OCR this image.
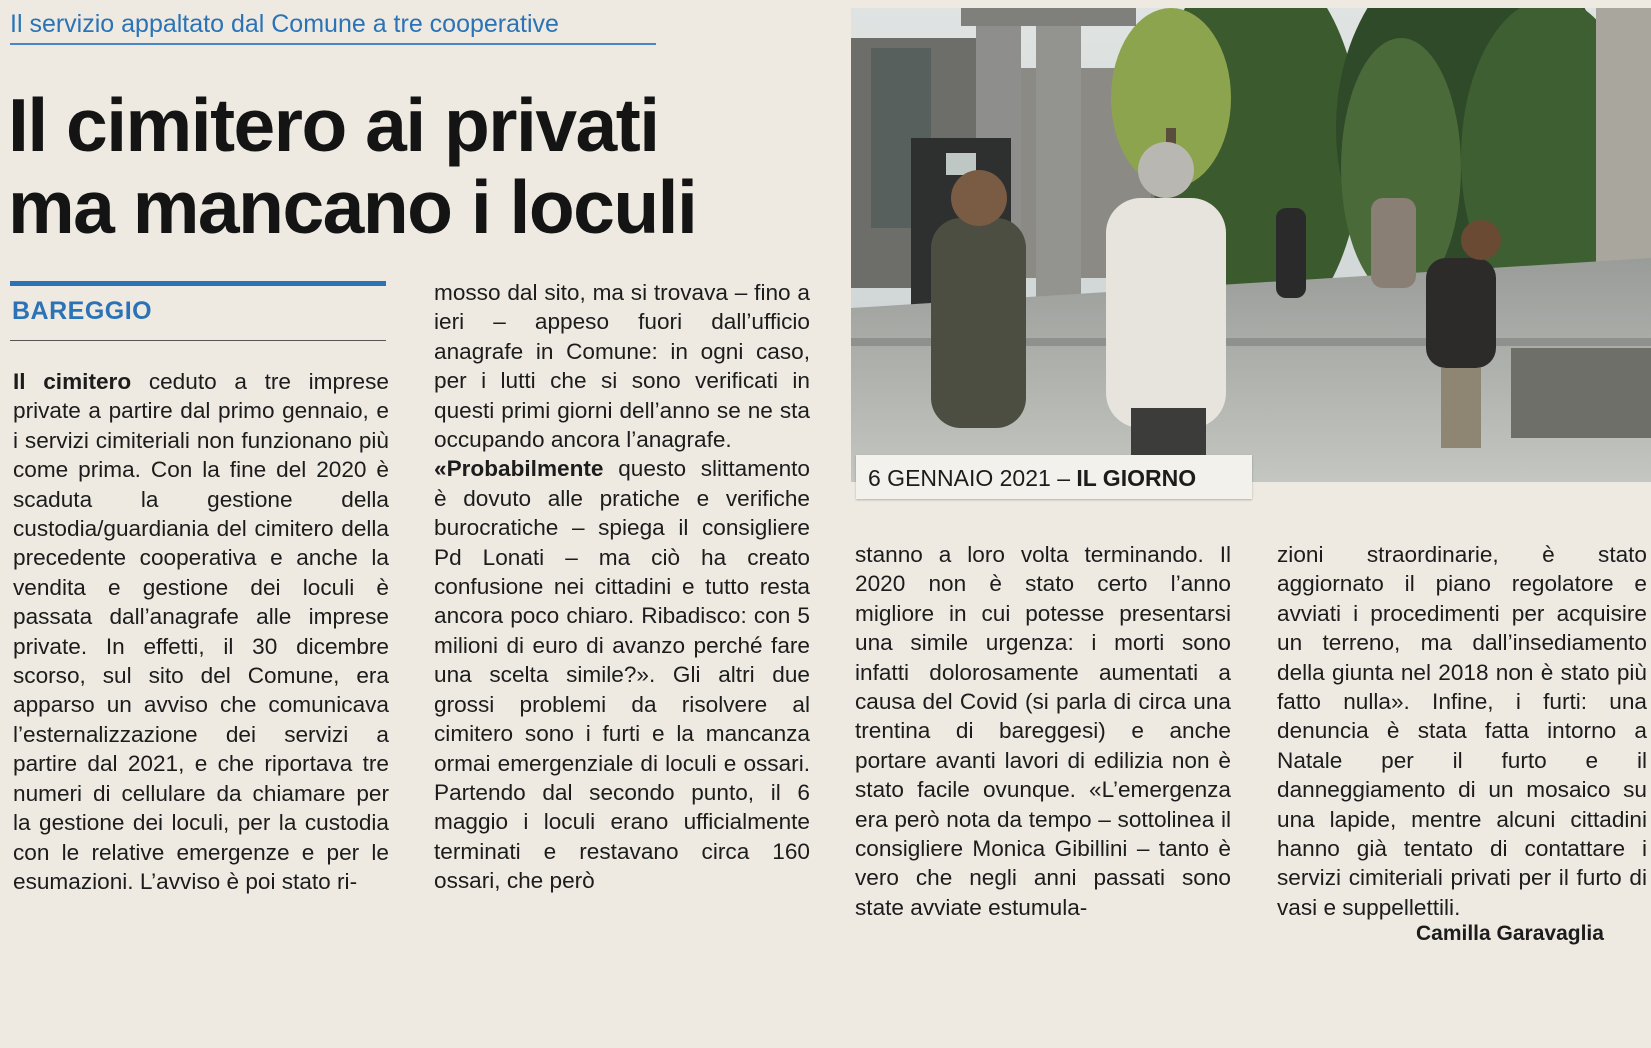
Il servizio appaltato dal Comune a tre cooperative
Il cimitero ai privati
ma mancano i loculi
BAREGGIO

Il cimitero ceduto a tre imprese private a partire dal primo gennaio, e i servizi cimiteriali non funzionano più come prima. Con la fine del 2020 è scaduta la gestione della custodia/guardiania del cimitero della precedente cooperativa e anche la vendita e gestione dei loculi è passata dall’anagrafe alle imprese private. In effetti, il 30 dicembre scorso, sul sito del Comune, era apparso un avviso che comunicava l’esternalizzazione dei servizi a partire dal 2021, e che riportava tre numeri di cellulare da chiamare per la gestione dei loculi, per la custodia con le relative emergenze e per le esumazioni. L’avviso è poi stato ri-

mosso dal sito, ma si trovava – fino a ieri – appeso fuori dall’ufficio anagrafe in Comune: in ogni caso, per i lutti che si sono verificati in questi primi giorni dell’anno se ne sta occupando ancora l’anagrafe.

«Probabilmente questo slittamento è dovuto alle pratiche e verifiche burocratiche – spiega il consigliere Pd Lonati – ma ciò ha creato confusione nei cittadini e tutto resta ancora poco chiaro. Ribadisco: con 5 milioni di euro di avanzo perché fare una scelta simile?». Gli altri due grossi problemi da risolvere al cimitero sono i furti e la mancanza ormai emergenziale di loculi e ossari. Partendo dal secondo punto, il 6 maggio i loculi erano ufficialmente terminati e restavano circa 160 ossari, che però

6 GENNAIO 2021 – IL GIORNO

stanno a loro volta terminando. Il 2020 non è stato certo l’anno migliore in cui potesse presentarsi una simile urgenza: i morti sono infatti dolorosamente aumentati a causa del Covid (si parla di circa una trentina di bareggesi) e anche portare avanti lavori di edilizia non è stato facile ovunque. «L’emergenza era però nota da tempo – sottolinea il consigliere Monica Gibillini – tanto è vero che negli anni passati sono state avviate estumula-

zioni straordinarie, è stato aggiornato il piano regolatore e avviati i procedimenti per acquisire un terreno, ma dall’insediamento della giunta nel 2018 non è stato più fatto nulla». Infine, i furti: una denuncia è stata fatta intorno a Natale per il furto e il danneggiamento di un mosaico su una lapide, mentre alcuni cittadini hanno già tentato di contattare i servizi cimiteriali privati per il furto di vasi e suppellettili.

Camilla Garavaglia
